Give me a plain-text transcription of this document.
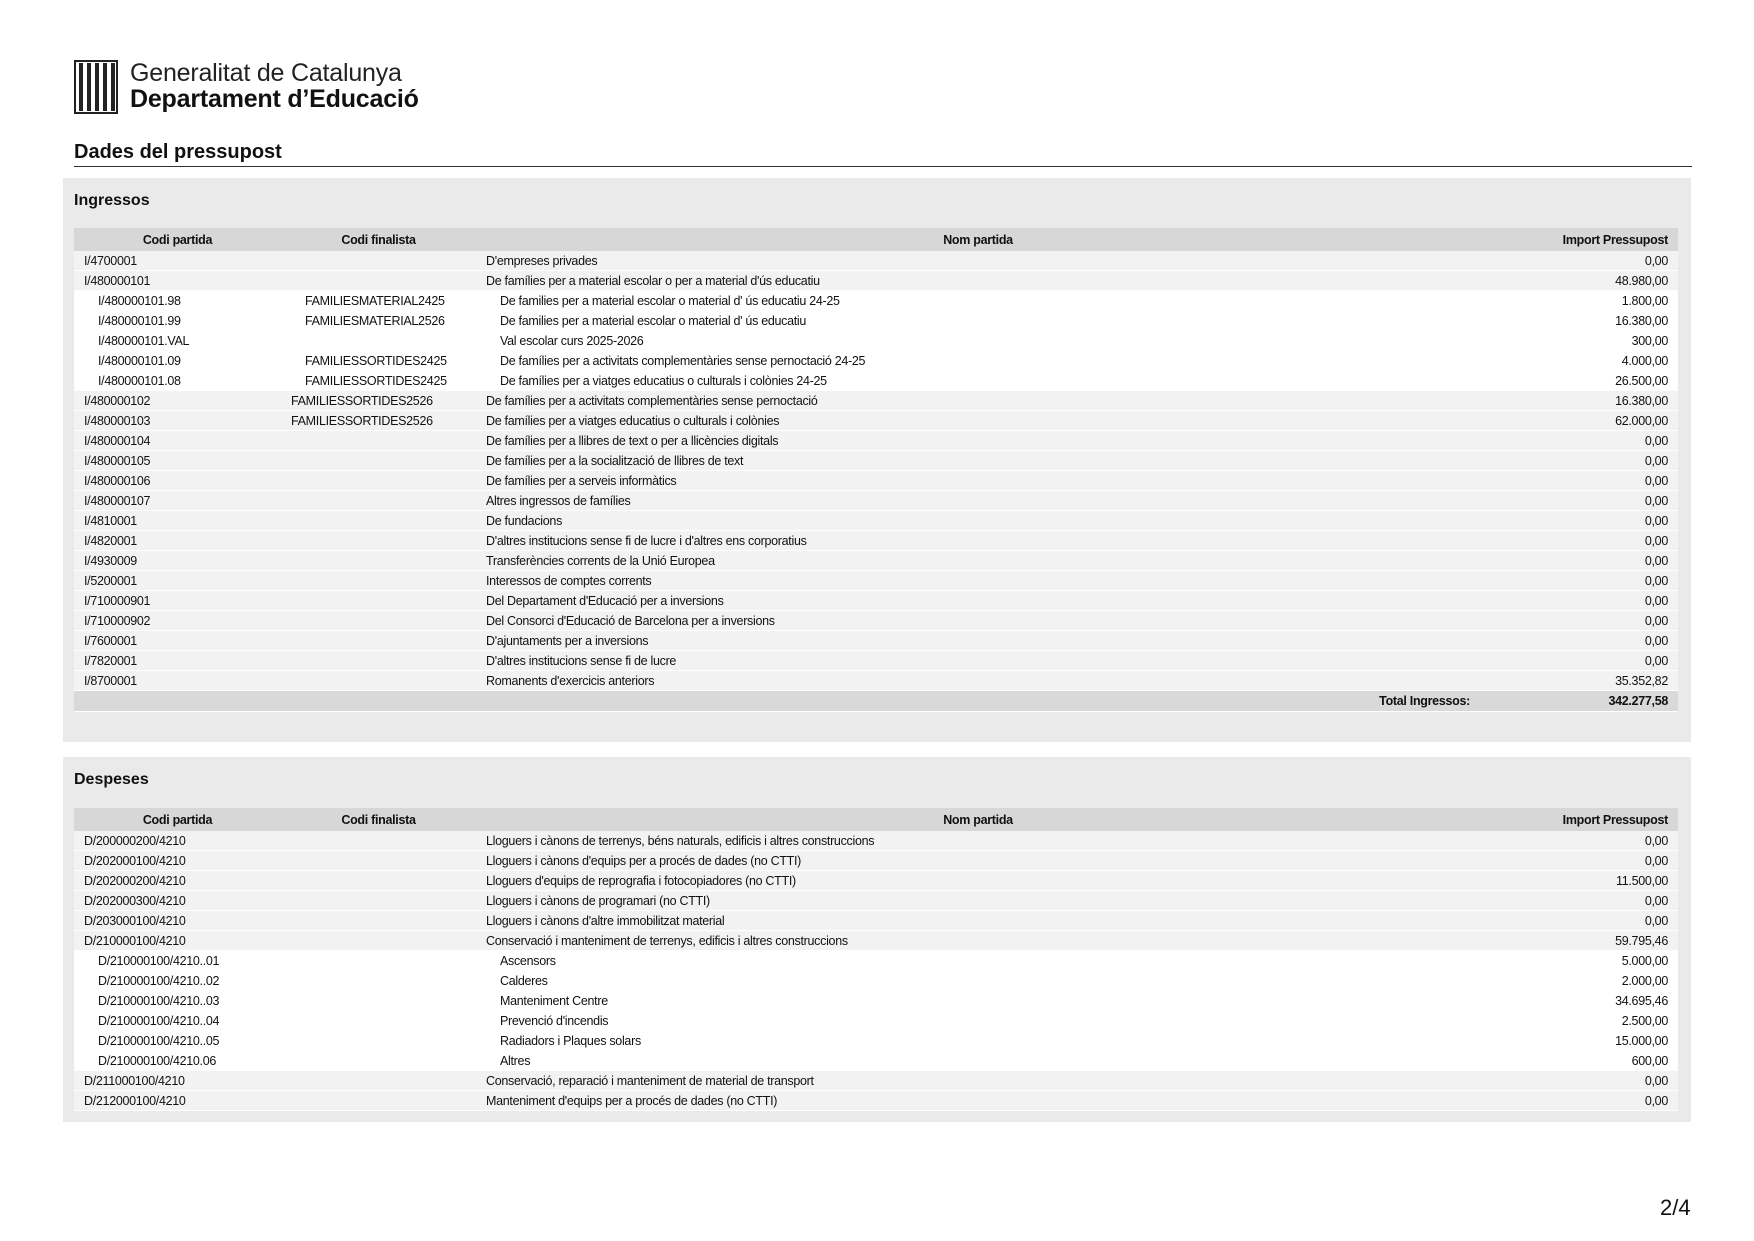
Generalitat de Catalunya
Departament d’Educació
Dades del pressupost
Ingressos
Codi partida	Codi finalista	Nom partida	Import Pressupost
I/4700001		D'empreses privades	0,00
I/480000101		De famílies per a material escolar o per a material d'ús educatiu	48.980,00
I/480000101.98	FAMILIESMATERIAL2425	De families per a material escolar o material d' ús educatiu 24-25	1.800,00
I/480000101.99	FAMILIESMATERIAL2526	De families per a material escolar o material d' ús educatiu	16.380,00
I/480000101.VAL		Val escolar curs 2025-2026	300,00
I/480000101.09	FAMILIESSORTIDES2425	De famílies per a activitats complementàries sense pernoctació 24-25	4.000,00
I/480000101.08	FAMILIESSORTIDES2425	De famílies per a viatges educatius o culturals i colònies 24-25	26.500,00
I/480000102	FAMILIESSORTIDES2526	De famílies per a activitats complementàries sense pernoctació	16.380,00
I/480000103	FAMILIESSORTIDES2526	De famílies per a viatges educatius o culturals i colònies	62.000,00
I/480000104		De famílies per a llibres de text o per a llicències digitals	0,00
I/480000105		De famílies per a la socialització de llibres de text	0,00
I/480000106		De famílies per a serveis informàtics	0,00
I/480000107		Altres ingressos de famílies	0,00
I/4810001		De fundacions	0,00
I/4820001		D'altres institucions sense fi de lucre i d'altres ens corporatius	0,00
I/4930009		Transferències corrents de la Unió Europea	0,00
I/5200001		Interessos de comptes corrents	0,00
I/710000901		Del Departament d'Educació per a inversions	0,00
I/710000902		Del Consorci d'Educació de Barcelona per a inversions	0,00
I/7600001		D'ajuntaments per a inversions	0,00
I/7820001		D'altres institucions sense fi de lucre	0,00
I/8700001		Romanents d'exercicis anteriors	35.352,82
		Total Ingressos:	342.277,58
Despeses
Codi partida	Codi finalista	Nom partida	Import Pressupost
D/200000200/4210		Lloguers i cànons de terrenys, béns naturals, edificis i altres construccions	0,00
D/202000100/4210		Lloguers i cànons d'equips per a procés de dades (no CTTI)	0,00
D/202000200/4210		Lloguers d'equips de reprografia i fotocopiadores (no CTTI)	11.500,00
D/202000300/4210		Lloguers i cànons de programari (no CTTI)	0,00
D/203000100/4210		Lloguers i cànons d'altre immobilitzat material	0,00
D/210000100/4210		Conservació i manteniment de terrenys, edificis i altres construccions	59.795,46
D/210000100/4210..01		Ascensors	5.000,00
D/210000100/4210..02		Calderes	2.000,00
D/210000100/4210..03		Manteniment Centre	34.695,46
D/210000100/4210..04		Prevenció d'incendis	2.500,00
D/210000100/4210..05		Radiadors i Plaques solars	15.000,00
D/210000100/4210.06		Altres	600,00
D/211000100/4210		Conservació, reparació i manteniment de material de transport	0,00
D/212000100/4210		Manteniment d'equips per a procés de dades (no CTTI)	0,00
2/4
